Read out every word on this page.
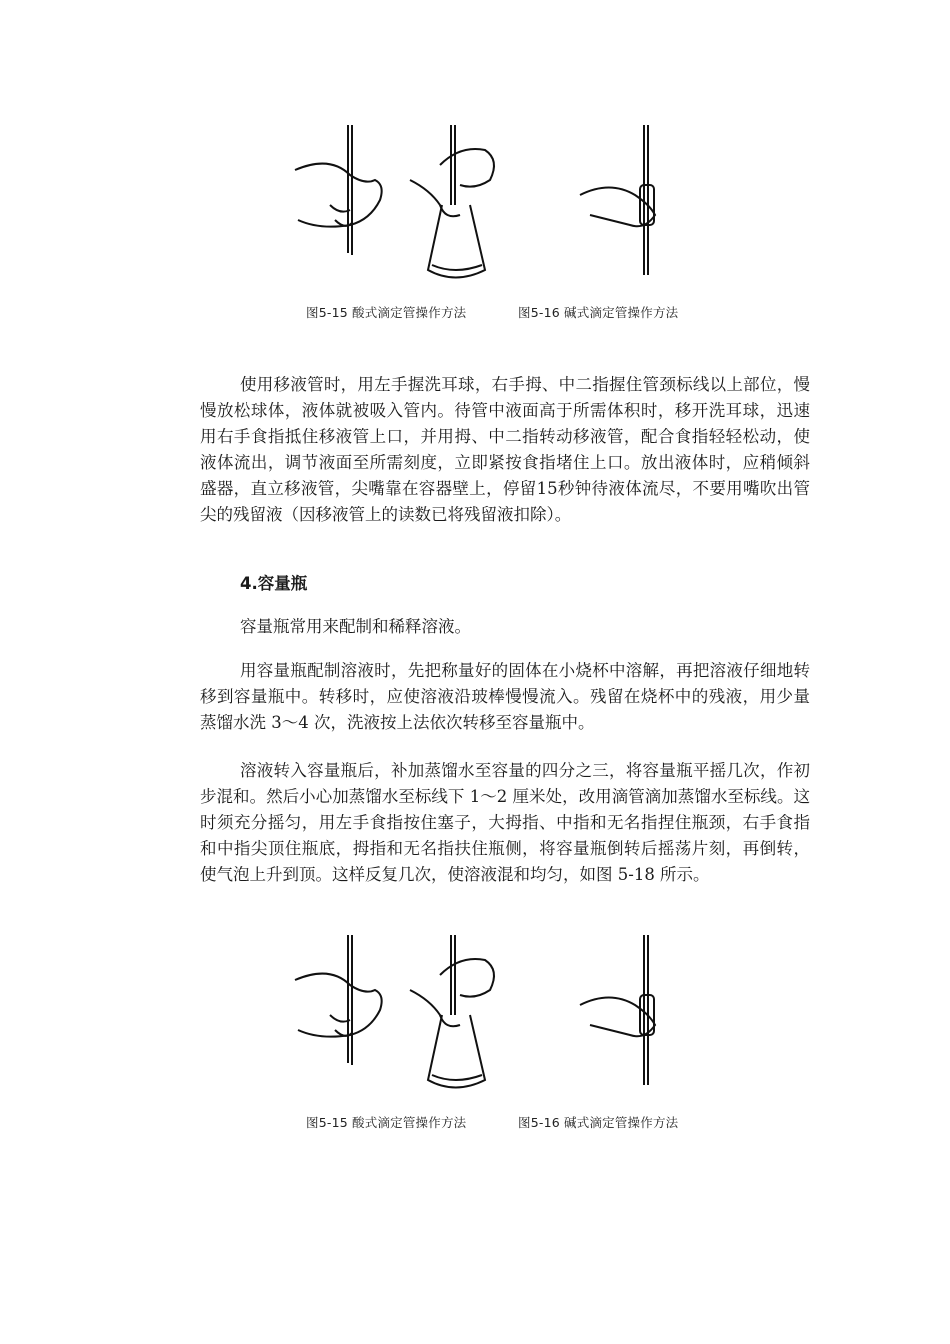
图5-15 酸式滴定管操作方法	图5-16 碱式滴定管操作方法

使用移液管时，用左手握洗耳球，右手拇、中二指握住管颈标线以上部位，慢慢放松球体，液体就被吸入管内。待管中液面高于所需体积时，移开洗耳球，迅速用右手食指抵住移液管上口，并用拇、中二指转动移液管，配合食指轻轻松动，使液体流出，调节液面至所需刻度，立即紧按食指堵住上口。放出液体时，应稍倾斜盛器，直立移液管，尖嘴靠在容器壁上，停留15秒钟待液体流尽，不要用嘴吹出管尖的残留液（因移液管上的读数已将残留液扣除）。

4.容量瓶

容量瓶常用来配制和稀释溶液。

用容量瓶配制溶液时，先把称量好的固体在小烧杯中溶解，再把溶液仔细地转移到容量瓶中。转移时，应使溶液沿玻棒慢慢流入。残留在烧杯中的残液，用少量蒸馏水洗 3～4 次，洗液按上法依次转移至容量瓶中。

溶液转入容量瓶后，补加蒸馏水至容量的四分之三，将容量瓶平摇几次，作初步混和。然后小心加蒸馏水至标线下 1～2 厘米处，改用滴管滴加蒸馏水至标线。这时须充分摇匀，用左手食指按住塞子，大拇指、中指和无名指捏住瓶颈，右手食指和中指尖顶住瓶底，拇指和无名指扶住瓶侧，将容量瓶倒转后摇荡片刻，再倒转，使气泡上升到顶。这样反复几次，使溶液混和均匀，如图 5-18 所示。

图5-15 酸式滴定管操作方法	图5-16 碱式滴定管操作方法
